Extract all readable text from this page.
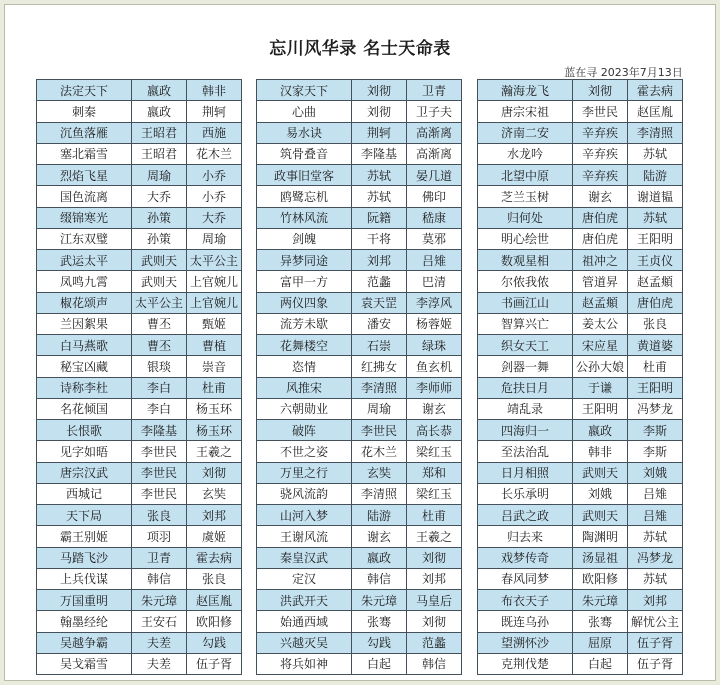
忘川风华录 名士天命表
蓝在寻 2023年7月13日
法定天下	嬴政	韩非
刺秦	嬴政	荆轲
沉鱼落雁	王昭君	西施
塞北霜雪	王昭君	花木兰
烈焰飞星	周瑜	小乔
国色流离	大乔	小乔
缀锦寒光	孙策	大乔
江东双璧	孙策	周瑜
武运太平	武则天	太平公主
凤鸣九霄	武则天	上官婉儿
椒花颂声	太平公主	上官婉儿
兰因絮果	曹丕	甄姬
白马燕歌	曹丕	曹植
秘宝凶藏	银琰	崇音
诗称李杜	李白	杜甫
名花倾国	李白	杨玉环
长恨歌	李隆基	杨玉环
见字如晤	李世民	王羲之
唐宗汉武	李世民	刘彻
西城记	李世民	玄奘
天下局	张良	刘邦
霸王别姬	项羽	虞姬
马踏飞沙	卫青	霍去病
上兵伐谋	韩信	张良
万国重明	朱元璋	赵匡胤
翰墨经纶	王安石	欧阳修
吴越争霸	夫差	勾践
吴戈霜雪	夫差	伍子胥
汉家天下	刘彻	卫青
心曲	刘彻	卫子夫
易水诀	荆轲	高渐离
筑骨叠音	李隆基	高渐离
政事旧堂客	苏轼	晏几道
鸥鹭忘机	苏轼	佛印
竹林风流	阮籍	嵇康
剑魄	干将	莫邪
异梦同途	刘邦	吕雉
富甲一方	范蠡	巴清
两仪四象	袁天罡	李淳风
流芳未歇	潘安	杨蓉姬
花舞楼空	石崇	绿珠
恣情	红拂女	鱼玄机
风推宋	李清照	李师师
六朝勋业	周瑜	谢玄
破阵	李世民	高长恭
不世之姿	花木兰	梁红玉
万里之行	玄奘	郑和
骁风流韵	李清照	梁红玉
山河入梦	陆游	杜甫
王谢风流	谢玄	王羲之
秦皇汉武	嬴政	刘彻
定汉	韩信	刘邦
洪武开天	朱元璋	马皇后
始通西域	张骞	刘彻
兴越灭吴	勾践	范蠡
将兵如神	白起	韩信
瀚海龙飞	刘彻	霍去病
唐宗宋祖	李世民	赵匡胤
济南二安	辛弃疾	李清照
水龙吟	辛弃疾	苏轼
北望中原	辛弃疾	陆游
芝兰玉树	谢玄	谢道韫
归何处	唐伯虎	苏轼
明心绘世	唐伯虎	王阳明
数观星相	祖冲之	王贞仪
尔侬我侬	管道昇	赵孟頫
书画江山	赵孟頫	唐伯虎
智算兴亡	姜太公	张良
织女天工	宋应星	黄道婆
剑器一舞	公孙大娘	杜甫
危扶日月	于谦	王阳明
靖乱录	王阳明	冯梦龙
四海归一	嬴政	李斯
至法治乱	韩非	李斯
日月相照	武则天	刘娥
长乐承明	刘娥	吕雉
吕武之政	武则天	吕雉
归去来	陶渊明	苏轼
戏梦传奇	汤显祖	冯梦龙
春风同梦	欧阳修	苏轼
布衣天子	朱元璋	刘邦
既连乌孙	张骞	解忧公主
望溯怀沙	屈原	伍子胥
克荆伐楚	白起	伍子胥
